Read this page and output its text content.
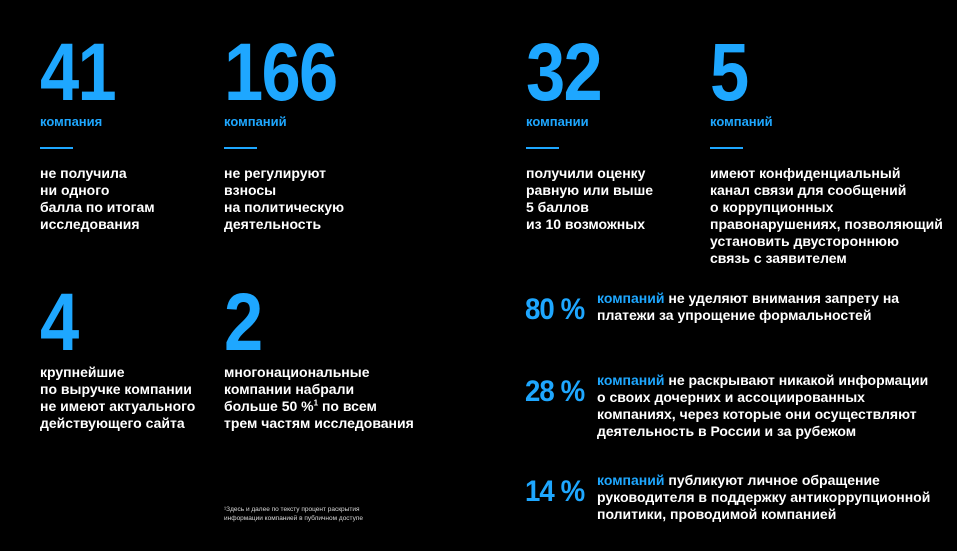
41
компания
не получила
ни одного
балла по итогам
исследования
166
компаний
не регулируют
взносы
на политическую
деятельность
32
компании
получили оценку
равную или выше
5 баллов
из 10 возможных
5
компаний
имеют конфиденциальный
канал связи для сообщений
о коррупционных
правонарушениях, позволяющий
установить двустороннюю
связь с заявителем
4
крупнейшие
по выручке компании
не имеют актуального
действующего сайта
2
многонациональные
компании набрали
больше 50 %$^1$ по всем
трем частям исследования
80 % компаний не уделяют внимания запрету на платежи за упрощение формальностей
28 % компаний не раскрывают никакой информации о своих дочерних и ассоциированных компаниях, через которые они осуществляют деятельность в России и за рубежом
14 % компаний публикуют личное обращение руководителя в поддержку антикоррупционной политики, проводимой компанией
¹Здесь и далее по тексту процент раскрытия
информации компанией в публичном доступе
